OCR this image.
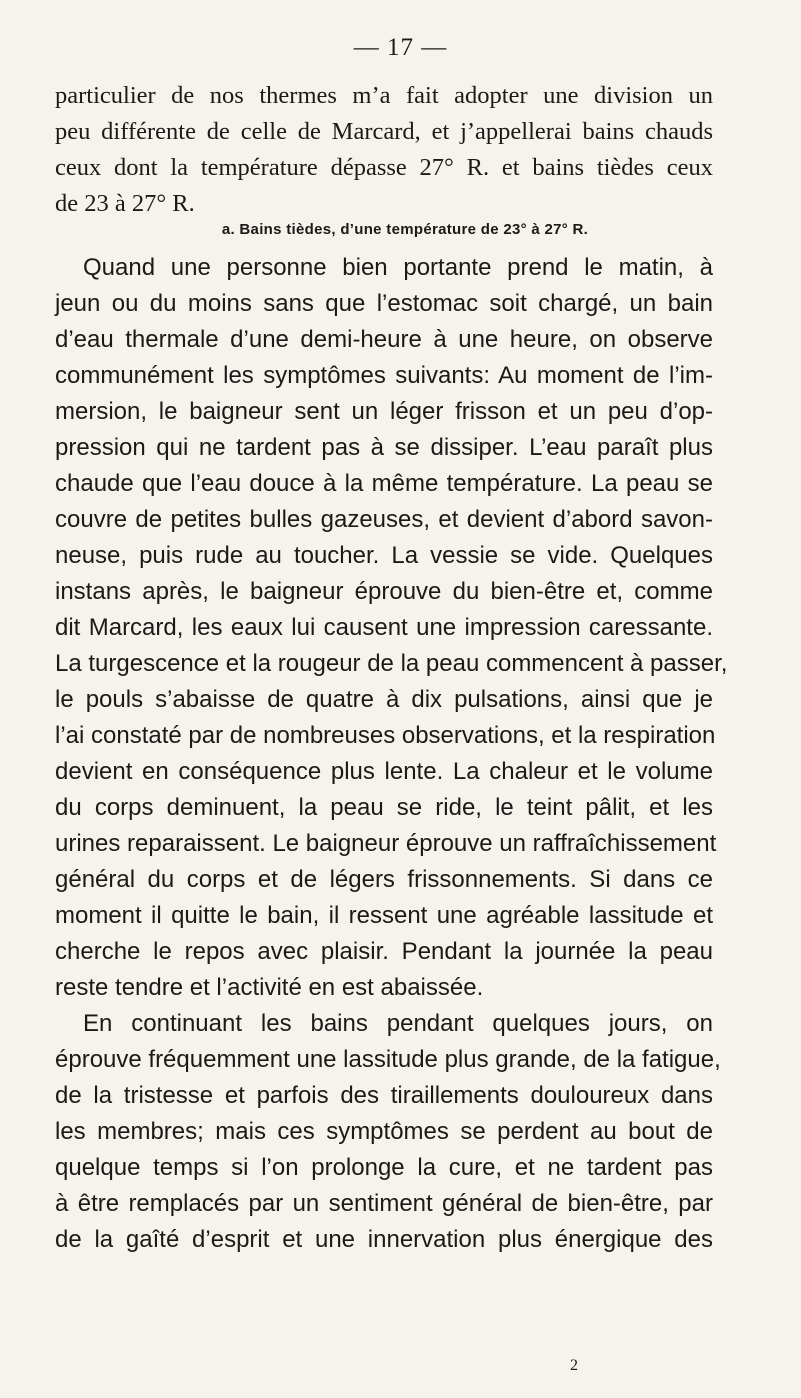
— 17 —
particulier de nos thermes m’a fait adopter une division un
peu différente de celle de Marcard, et j’appellerai bains chauds
ceux dont la température dépasse 27° R. et bains tièdes ceux
de 23 à 27° R.
a. Bains tièdes, d’une température de 23° à 27° R.
Quand une personne bien portante prend le matin, à
jeun ou du moins sans que l’estomac soit chargé, un bain
d’eau thermale d’une demi-heure à une heure, on observe
communément les symptômes suivants: Au moment de l’im-
mersion, le baigneur sent un léger frisson et un peu d’op-
pression qui ne tardent pas à se dissiper. L’eau paraît plus
chaude que l’eau douce à la même température. La peau se
couvre de petites bulles gazeuses, et devient d’abord savon-
neuse, puis rude au toucher. La vessie se vide. Quelques
instans après, le baigneur éprouve du bien-être et, comme
dit Marcard, les eaux lui causent une impression caressante.
La turgescence et la rougeur de la peau commencent à passer,
le pouls s’abaisse de quatre à dix pulsations, ainsi que je
l’ai constaté par de nombreuses observations, et la respiration
devient en conséquence plus lente. La chaleur et le volume
du corps deminuent, la peau se ride, le teint pâlit, et les
urines reparaissent. Le baigneur éprouve un raffraîchissement
général du corps et de légers frissonnements. Si dans ce
moment il quitte le bain, il ressent une agréable lassitude et
cherche le repos avec plaisir. Pendant la journée la peau
reste tendre et l’activité en est abaissée.
En continuant les bains pendant quelques jours, on
éprouve fréquemment une lassitude plus grande, de la fatigue,
de la tristesse et parfois des tiraillements douloureux dans
les membres; mais ces symptômes se perdent au bout de
quelque temps si l’on prolonge la cure, et ne tardent pas
à être remplacés par un sentiment général de bien-être, par
de la gaîté d’esprit et une innervation plus énergique des
2
